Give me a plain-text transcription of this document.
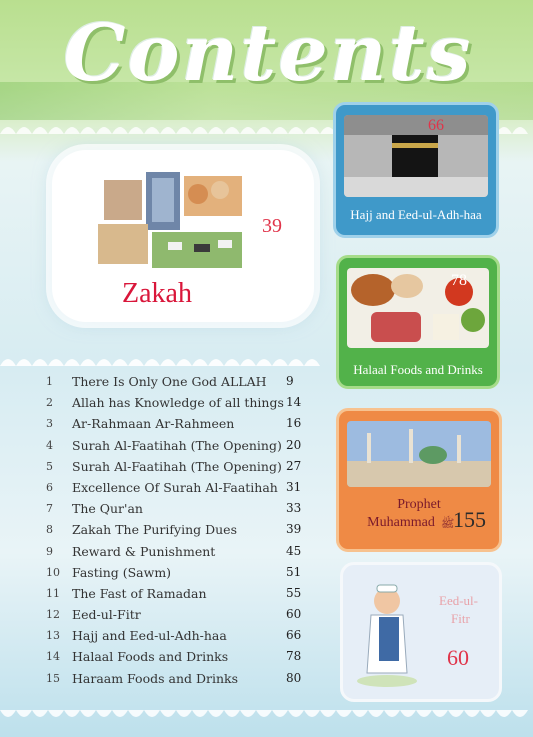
Contents
39
Zakah
66
Hajj and Eed-ul-Adh-haa
78
Halaal Foods and Drinks
Prophet
Muhammad ﷺ
155
Eed-ul-
Fitr
60
1	There Is Only One God ALLAH 9
2	Allah has Knowledge of all things 14
3	Ar-Rahmaan Ar-Rahmeen	16
4	Surah Al-Faatihah (The Opening) 20
5	Surah Al-Faatihah (The Opening) 27
6	Excellence Of Surah Al-Faatihah 31
7	The Qur'an	33
8	Zakah The Purifying Dues	39
9	Reward & Punishment	45
10 Fasting (Sawm)	51
11 The Fast of Ramadan	55
12 Eed-ul-Fitr	60
13 Hajj and Eed-ul-Adh-haa	66
14 Halaal Foods and Drinks	78
15 Haraam Foods and Drinks	80
